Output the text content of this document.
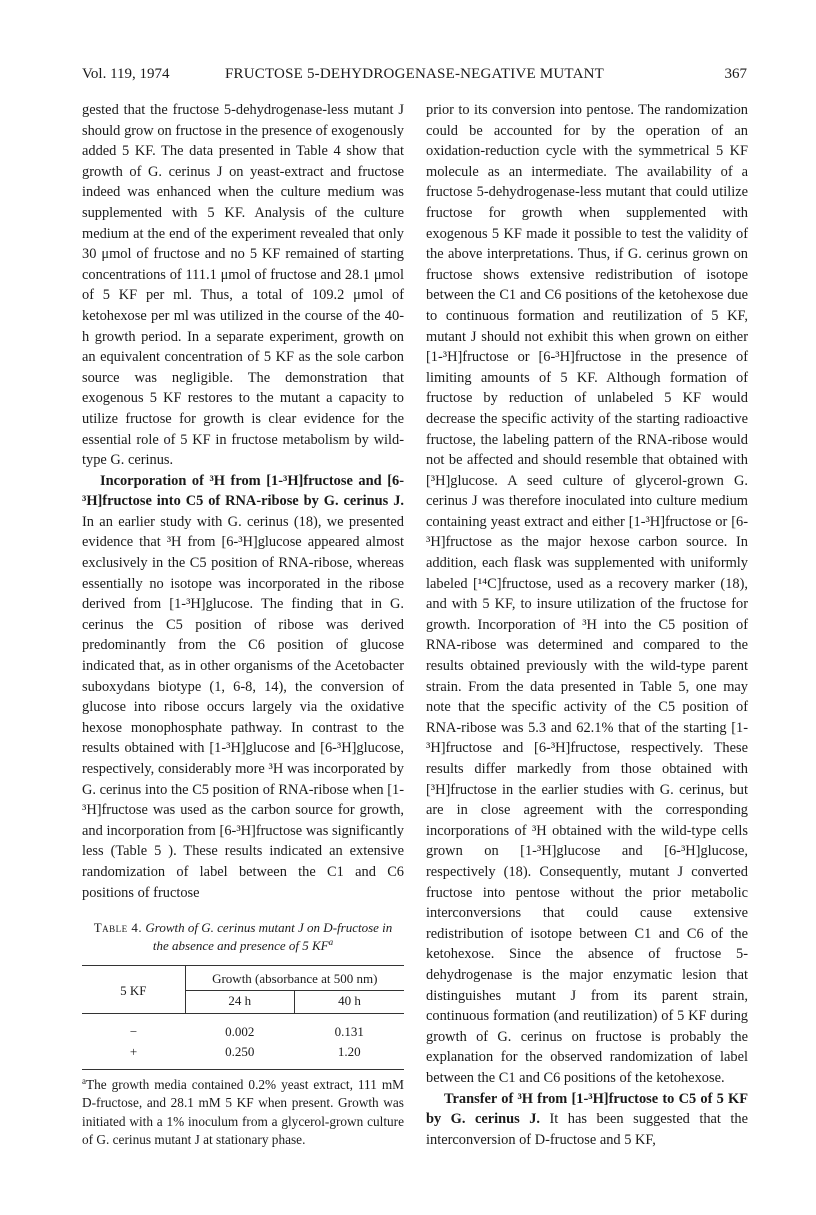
Vol. 119, 1974	FRUCTOSE 5-DEHYDROGENASE-NEGATIVE MUTANT	367

gested that the fructose 5-dehydrogenase-less mutant J should grow on fructose in the presence of exogenously added 5 KF. The data presented in Table 4 show that growth of G. cerinus J on yeast-extract and fructose indeed was enhanced when the culture medium was supplemented with 5 KF. Analysis of the culture medium at the end of the experiment revealed that only 30 μmol of fructose and no 5 KF remained of starting concentrations of 111.1 μmol of fructose and 28.1 μmol of 5 KF per ml. Thus, a total of 109.2 μmol of ketohexose per ml was utilized in the course of the 40-h growth period. In a separate experiment, growth on an equivalent concentration of 5 KF as the sole carbon source was negligible. The demonstration that exogenous 5 KF restores to the mutant a capacity to utilize fructose for growth is clear evidence for the essential role of 5 KF in fructose metabolism by wild-type G. cerinus.

Incorporation of ³H from [1-³H]fructose and [6-³H]fructose into C5 of RNA-ribose by G. cerinus J. In an earlier study with G. cerinus (18), we presented evidence that ³H from [6-³H]glucose appeared almost exclusively in the C5 position of RNA-ribose, whereas essentially no isotope was incorporated in the ribose derived from [1-³H]glucose. The finding that in G. cerinus the C5 position of ribose was derived predominantly from the C6 position of glucose indicated that, as in other organisms of the Acetobacter suboxydans biotype (1, 6-8, 14), the conversion of glucose into ribose occurs largely via the oxidative hexose monophosphate pathway. In contrast to the results obtained with [1-³H]glucose and [6-³H]glucose, respectively, considerably more ³H was incorporated by G. cerinus into the C5 position of RNA-ribose when [1-³H]fructose was used as the carbon source for growth, and incorporation from [6-³H]fructose was significantly less (Table 5 ). These results indicated an extensive randomization of label between the C1 and C6 positions of fructose

Table 4. Growth of G. cerinus mutant J on D-fructose in the absence and presence of 5 $KF^a$
5 KF	Growth (absorbance at 500 nm)	
	24 h	40 h
−	0.002	0.131
+	0.250	1.20
$^a$The growth media contained 0.2% yeast extract, 111 mM D-fructose, and 28.1 mM 5 KF when present. Growth was initiated with a 1% inoculum from a glycerol-grown culture of G. cerinus mutant J at stationary phase.

prior to its conversion into pentose. The randomization could be accounted for by the operation of an oxidation-reduction cycle with the symmetrical 5 KF molecule as an intermediate. The availability of a fructose 5-dehydrogenase-less mutant that could utilize fructose for growth when supplemented with exogenous 5 KF made it possible to test the validity of the above interpretations. Thus, if G. cerinus grown on fructose shows extensive redistribution of isotope between the C1 and C6 positions of the ketohexose due to continuous formation and reutilization of 5 KF, mutant J should not exhibit this when grown on either [1-³H]fructose or [6-³H]fructose in the presence of limiting amounts of 5 KF. Although formation of fructose by reduction of unlabeled 5 KF would decrease the specific activity of the starting radioactive fructose, the labeling pattern of the RNA-ribose would not be affected and should resemble that obtained with [³H]glucose. A seed culture of glycerol-grown G. cerinus J was therefore inoculated into culture medium containing yeast extract and either [1-³H]fructose or [6-³H]fructose as the major hexose carbon source. In addition, each flask was supplemented with uniformly labeled [¹⁴C]fructose, used as a recovery marker (18), and with 5 KF, to insure utilization of the fructose for growth. Incorporation of ³H into the C5 position of RNA-ribose was determined and compared to the results obtained previously with the wild-type parent strain. From the data presented in Table 5, one may note that the specific activity of the C5 position of RNA-ribose was 5.3 and 62.1% that of the starting [1-³H]fructose and [6-³H]fructose, respectively. These results differ markedly from those obtained with [³H]fructose in the earlier studies with G. cerinus, but are in close agreement with the corresponding incorporations of ³H obtained with the wild-type cells grown on [1-³H]glucose and [6-³H]glucose, respectively (18). Consequently, mutant J converted fructose into pentose without the prior metabolic interconversions that could cause extensive redistribution of isotope between C1 and C6 of the ketohexose. Since the absence of fructose 5-dehydrogenase is the major enzymatic lesion that distinguishes mutant J from its parent strain, continuous formation (and reutilization) of 5 KF during growth of G. cerinus on fructose is probably the explanation for the observed randomization of label between the C1 and C6 positions of the ketohexose.

Transfer of ³H from [1-³H]fructose to C5 of 5 KF by G. cerinus J. It has been suggested that the interconversion of D-fructose and 5 KF,
